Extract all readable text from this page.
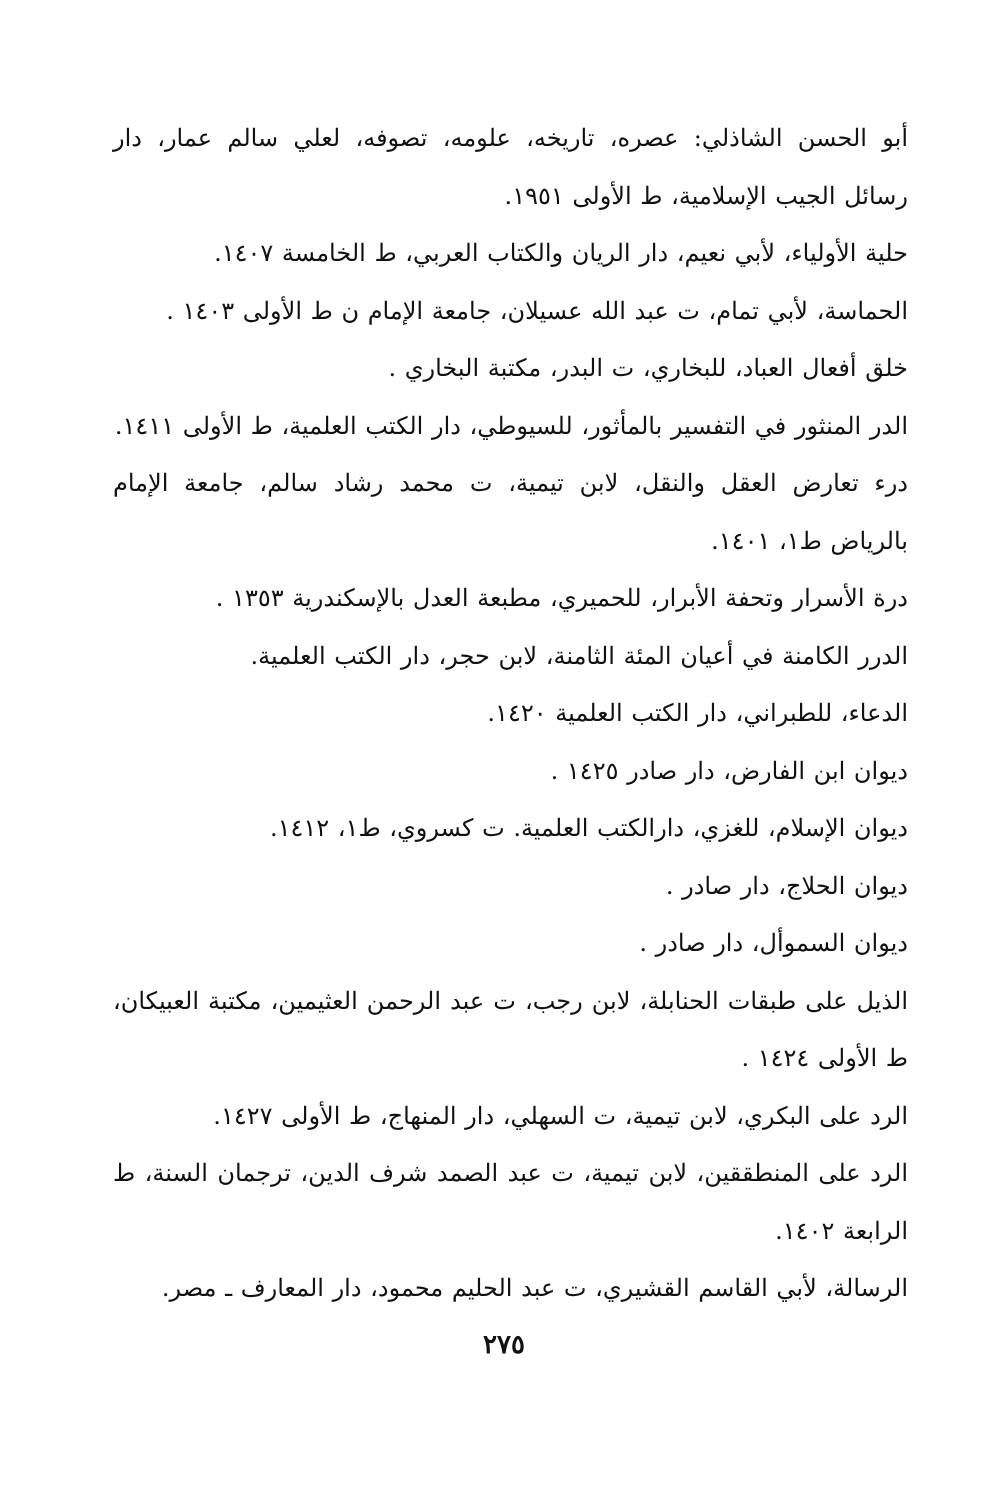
أبو الحسن الشاذلي: عصره، تاريخه، علومه، تصوفه، لعلي سالم عمار، دار رسائل الجيب الإسلامية، ط الأولى ١٩٥١.

حلية الأولياء، لأبي نعيم، دار الريان والكتاب العربي، ط الخامسة ١٤٠٧.

الحماسة، لأبي تمام، ت عبد الله عسيلان، جامعة الإمام ن ط الأولى ١٤٠٣ .

خلق أفعال العباد، للبخاري، ت البدر، مكتبة البخاري .

الدر المنثور في التفسير بالمأثور، للسيوطي، دار الكتب العلمية، ط الأولى ١٤١١.

درء تعارض العقل والنقل، لابن تيمية، ت محمد رشاد سالم، جامعة الإمام بالرياض ط١، ١٤٠١.

درة الأسرار وتحفة الأبرار، للحميري، مطبعة العدل بالإسكندرية ١٣٥٣ .

الدرر الكامنة في أعيان المئة الثامنة، لابن حجر، دار الكتب العلمية.

الدعاء، للطبراني، دار الكتب العلمية ١٤٢٠.

ديوان ابن الفارض، دار صادر ١٤٢٥ .

ديوان الإسلام، للغزي، دارالكتب العلمية. ت كسروي، ط١، ١٤١٢.

ديوان الحلاج، دار صادر .

ديوان السموأل، دار صادر .

الذيل على طبقات الحنابلة، لابن رجب، ت عبد الرحمن العثيمين، مكتبة العبيكان، ط الأولى ١٤٢٤ .

الرد على البكري، لابن تيمية، ت السهلي، دار المنهاج، ط الأولى ١٤٢٧.

الرد على المنطققين، لابن تيمية، ت عبد الصمد شرف الدين، ترجمان السنة، ط الرابعة ١٤٠٢.

الرسالة، لأبي القاسم القشيري، ت عبد الحليم محمود، دار المعارف ـ مصر.

٢٧٥
